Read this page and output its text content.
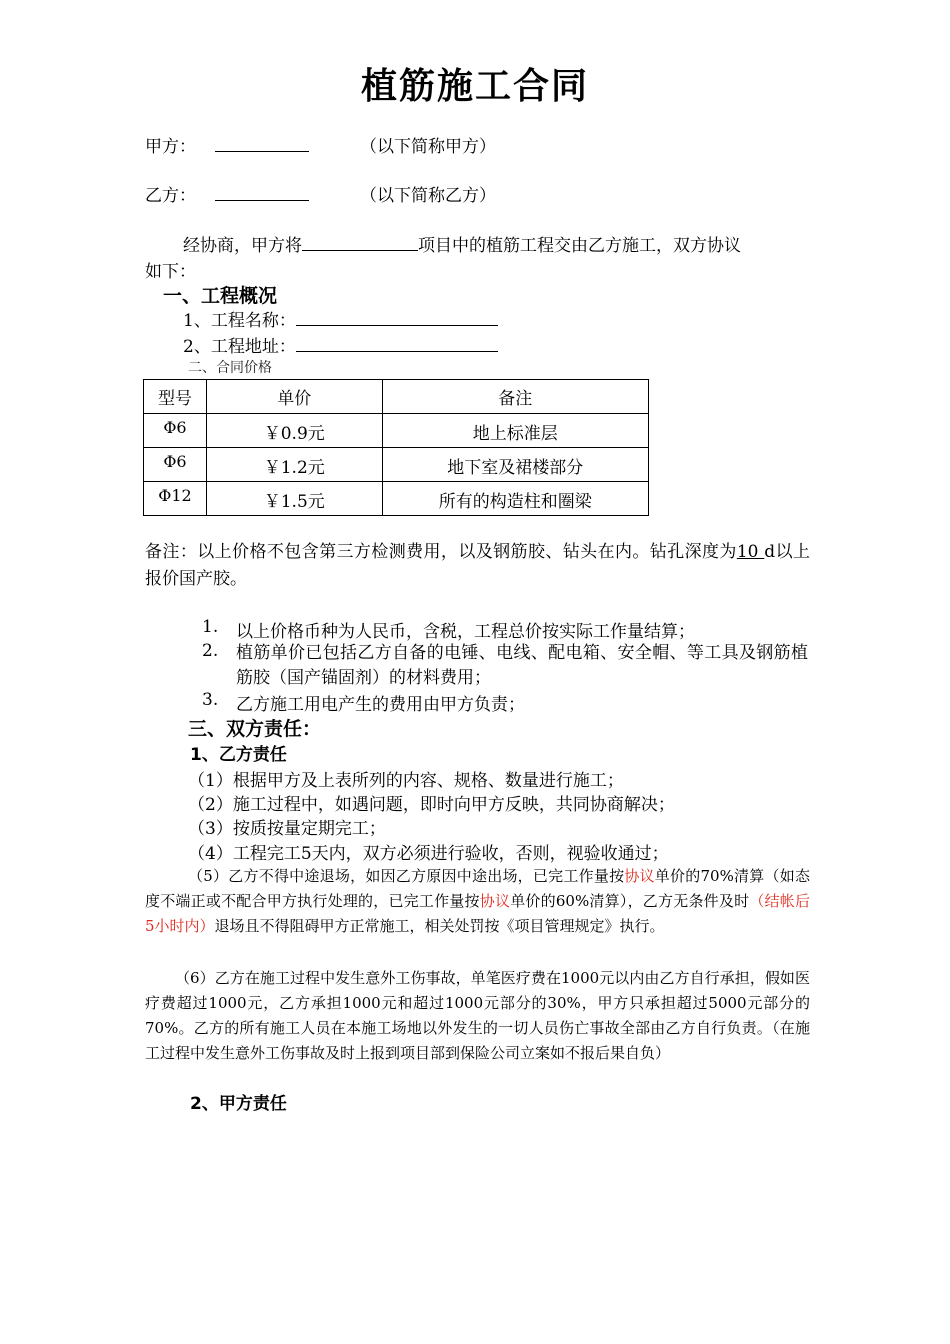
植筋施工合同
甲方：	（以下简称甲方）
乙方：	（以下简称乙方）
经协商，甲方将	项目中的植筋工程交由乙方施工，双方协议
如下：
一、工程概况
1、工程名称：
2、工程地址：
二、合同价格
型号	单价	备注
Φ6	￥0.9元	地上标准层
Φ6	￥1.2元	地下室及裙楼部分
Φ12	￥1.5元	所有的构造柱和圈梁
备注：以上价格不包含第三方检测费用，以及钢筋胶、钻头在内。钻孔深度为10 d以上报价国产胶。
1. 以上价格币种为人民币，含税，工程总价按实际工作量结算；
2. 植筋单价已包括乙方自备的电锤、电线、配电箱、安全帽、等工具及钢筋植筋胶（国产锚固剂）的材料费用；
3. 乙方施工用电产生的费用由甲方负责；
三、双方责任：
1、乙方责任
（1）根据甲方及上表所列的内容、规格、数量进行施工；
（2）施工过程中，如遇问题，即时向甲方反映，共同协商解决；
（3）按质按量定期完工；
（4）工程完工5天内，双方必须进行验收，否则，视验收通过；
（5）乙方不得中途退场，如因乙方原因中途出场，已完工作量按协议单价的70%清算（如态度不端正或不配合甲方执行处理的，已完工作量按协议单价的60%清算），乙方无条件及时（结帐后5小时内）退场且不得阻碍甲方正常施工，相关处罚按《项目管理规定》执行。
（6）乙方在施工过程中发生意外工伤事故，单笔医疗费在1000元以内由乙方自行承担，假如医疗费超过1000元，乙方承担1000元和超过1000元部分的30%，甲方只承担超过5000元部分的70%。乙方的所有施工人员在本施工场地以外发生的一切人员伤亡事故全部由乙方自行负责。（在施工过程中发生意外工伤事故及时上报到项目部到保险公司立案如不报后果自负）
2、甲方责任
